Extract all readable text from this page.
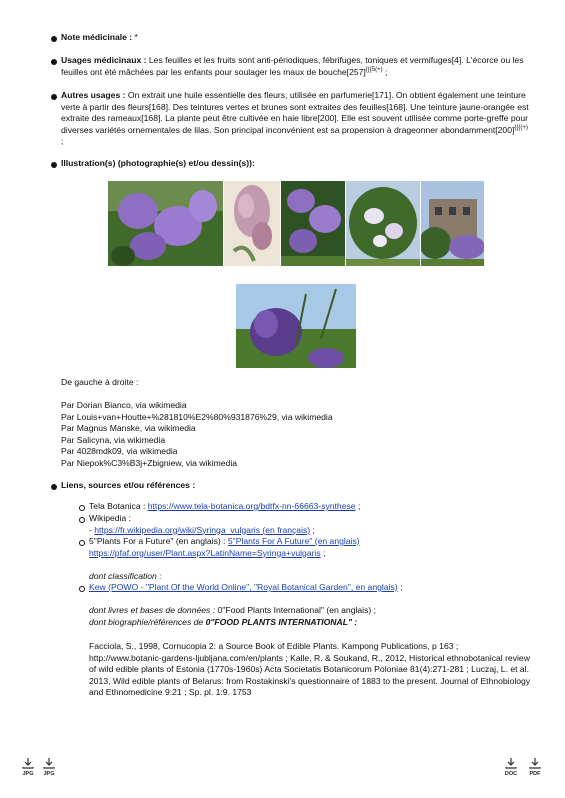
Note médicinale : *
Usages médicinaux : Les feuilles et les fruits sont anti-périodiques, fébrifuges, toniques et vermifuges[4]. L'écorce ou les feuilles ont été mâchées par les enfants pour soulager les maux de $bouche[257]^{\{\{\{5(+)}$ ;
Autres usages : On extrait une huile essentielle des fleurs, utilisée en parfumerie[171]. On obtient également une teinture verte à partir des fleurs[168]. Des teintures vertes et brunes sont extraites des feuilles[168]. Une teinture jaune-orangée est extraite des rameaux[168]. La plante peut être cultivée en haie libre[200]. Elle est souvent utilisée comme porte-greffe pour diverses variétés ornementales de lilas. Son principal inconvénient est sa propension à drageonner abondamment[200]{{{(+) ;
Illustration(s) (photographie(s) et/ou dessin(s)):
De gauche à droite :
Par Dorian Bianco, via wikimedia
Par Louis+van+Houtte+%281810%E2%80%931876%29, via wikimedia
Par Magnus Manske, via wikimedia
Par Salicyna, via wikimedia
Par 4028mdk09, via wikimedia
Par Niepok%C3%B3j+Zbigniew, via wikimedia
Liens, sources et/ou références :
Tela Botanica : https://www.tela-botanica.org/bdtfx-nn-66663-synthese ;
Wikipedia :
- https://fr.wikipedia.org/wiki/Syringa_vulgaris (en français) ;
5"Plants For a Future" (en anglais) : 5"Plants For A Future" (en anglais)
https://pfaf.org/user/Plant.aspx?LatinName=Syringa+vulgaris ;
dont classification :
Kew (POWO - "Plant Of the World Online", "Royal Botanical Garden", en anglais) ;
dont livres et bases de données : 0"Food Plants International" (en anglais) ;
dont biographie/références de 0"FOOD PLANTS INTERNATIONAL" :
Facciola, S., 1998, Cornucopia 2: a Source Book of Edible Plants. Kampong Publications, p 163 ; http://www.botanic-gardens-ljubljana.com/en/plants ; Kalle, R. & Soukand, R., 2012, Historical ethnobotanical review of wild edible plants of Estonia (1770s-1960s) Acta Societatis Botanicorum Poloniae 81(4):271-281 ; Luczaj, L. et al. 2013, Wild edible plants of Belarus: from Rostakinski's questionnaire of 1883 to the present. Journal of Ethnobiology and Ethnomedicine 9:21 ; Sp. pl. 1:9. 1753
JPG	JPG	DOC	PDF
